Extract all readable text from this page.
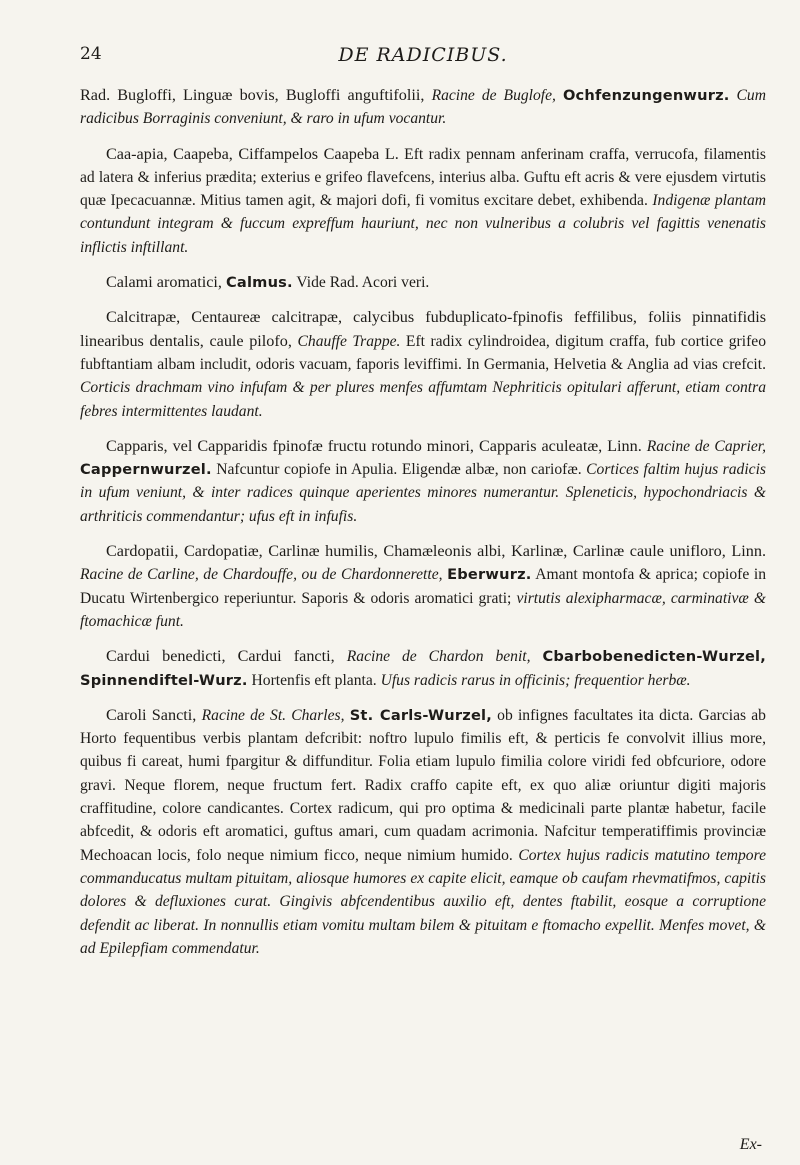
24	DE RADICIBUS.

Rad. Bugloffi, Linguæ bovis, Bugloffi anguftifolii, Racine de Buglofe, Ochfenzungenwurz. Cum radicibus Borraginis conveniunt, & raro in ufum vocantur.

Caa-apia, Caapeba, Ciffampelos Caapeba L. Eft radix pennam anferinam craffa, verrucofa, filamentis ad latera & inferius prædita; exterius e grifeo flavefcens, interius alba. Guftu eft acris & vere ejusdem virtutis quæ Ipecacuannæ. Mitius tamen agit, & majori dofi, fi vomitus excitare debet, exhibenda. Indigenæ plantam contundunt integram & fuccum expreffum hauriunt, nec non vulneribus a colubris vel fagittis venenatis inflictis inftillant.

Calami aromatici, Calmus. Vide Rad. Acori veri.

Calcitrapæ, Centaureæ calcitrapæ, calycibus fubduplicato-fpinofis feffilibus, foliis pinnatifidis linearibus dentalis, caule pilofo, Chauffe Trappe. Eft radix cylindroidea, digitum craffa, fub cortice grifeo fubftantiam albam includit, odoris vacuam, faporis leviffimi. In Germania, Helvetia & Anglia ad vias crefcit. Corticis drachmam vino infufam & per plures menfes affumtam Nephriticis opitulari afferunt, etiam contra febres intermittentes laudant.

Capparis, vel Capparidis fpinofæ fructu rotundo minori, Capparis aculeatæ, Linn. Racine de Caprier, Cappernwurzel. Nafcuntur copiofe in Apulia. Eligendæ albæ, non cariofæ. Cortices faltim hujus radicis in ufum veniunt, & inter radices quinque aperientes minores numerantur. Spleneticis, hypochondriacis & arthriticis commendantur; ufus eft in infufis.

Cardopatii, Cardopatiæ, Carlinæ humilis, Chamæleonis albi, Karlinæ, Carlinæ caule unifloro, Linn. Racine de Carline, de Chardouffe, ou de Chardonnerette, Eberwurz. Amant montofa & aprica; copiofe in Ducatu Wirtenbergico reperiuntur. Saporis & odoris aromatici grati; virtutis alexipharmacæ, carminativæ & ftomachicæ funt.

Cardui benedicti, Cardui fancti, Racine de Chardon benit, Cbarbobenedicten-Wurzel, Spinnendiftel-Wurz. Hortenfis eft planta. Ufus radicis rarus in officinis; frequentior herbæ.

Caroli Sancti, Racine de St. Charles, St. Carls-Wurzel, ob infignes facultates ita dicta. Garcias ab Horto fequentibus verbis plantam defcribit: noftro lupulo fimilis eft, & perticis fe convolvit illius more, quibus fi careat, humi fpargitur & diffunditur. Folia etiam lupulo fimilia colore viridi fed obfcuriore, odore gravi. Neque florem, neque fructum fert. Radix craffo capite eft, ex quo aliæ oriuntur digiti majoris craffitudine, colore candicantes. Cortex radicum, qui pro optima & medicinali parte plantæ habetur, facile abfcedit, & odoris eft aromatici, guftus amari, cum quadam acrimonia. Nafcitur temperatiffimis provinciæ Mechoacan locis, folo neque nimium ficco, neque nimium humido. Cortex hujus radicis matutino tempore commanducatus multam pituitam, aliosque humores ex capite elicit, eamque ob caufam rhevmatifmos, capitis dolores & defluxiones curat. Gingivis abfcendentibus auxilio eft, dentes ftabilit, eosque a corruptione defendit ac liberat. In nonnullis etiam vomitu multam bilem & pituitam e ftomacho expellit. Menfes movet, & ad Epilepfiam commendatur.

Ex-
